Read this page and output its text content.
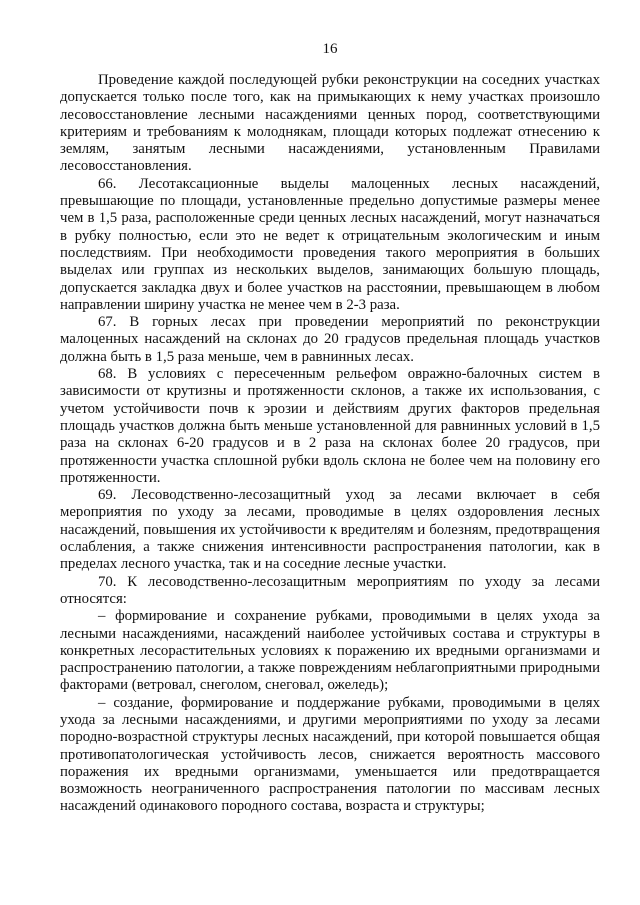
16

Проведение каждой последующей рубки реконструкции на соседних участках допускается только после того, как на примыкающих к нему участках произошло лесовосстановление лесными насаждениями ценных пород, соответствующими критериям и требованиям к молоднякам, площади которых подлежат отнесению к землям, занятым лесными насаждениями, установленным Правилами лесовосстановления.

66. Лесотаксационные выделы малоценных лесных насаждений, превышающие по площади, установленные предельно допустимые размеры менее чем в 1,5 раза, расположенные среди ценных лесных насаждений, могут назначаться в рубку полностью, если это не ведет к отрицательным экологическим и иным последствиям. При необходимости проведения такого мероприятия в больших выделах или группах из нескольких выделов, занимающих большую площадь, допускается закладка двух и более участков на расстоянии, превышающем в любом направлении ширину участка не менее чем в 2-3 раза.

67. В горных лесах при проведении мероприятий по реконструкции малоценных насаждений на склонах до 20 градусов предельная площадь участков должна быть в 1,5 раза меньше, чем в равнинных лесах.

68. В условиях с пересеченным рельефом овражно-балочных систем в зависимости от крутизны и протяженности склонов, а также их использования, с учетом устойчивости почв к эрозии и действиям других факторов предельная площадь участков должна быть меньше установленной для равнинных условий в 1,5 раза на склонах 6-20 градусов и в 2 раза на склонах более 20 градусов, при протяженности участка сплошной рубки вдоль склона не более чем на половину его протяженности.

69. Лесоводственно-лесозащитный уход за лесами включает в себя мероприятия по уходу за лесами, проводимые в целях оздоровления лесных насаждений, повышения их устойчивости к вредителям и болезням, предотвращения ослабления, а также снижения интенсивности распространения патологии, как в пределах лесного участка, так и на соседние лесные участки.

70. К лесоводственно-лесозащитным мероприятиям по уходу за лесами относятся:

– формирование и сохранение рубками, проводимыми в целях ухода за лесными насаждениями, насаждений наиболее устойчивых состава и структуры в конкретных лесорастительных условиях к поражению их вредными организмами и распространению патологии, а также повреждениям неблагоприятными природными факторами (ветровал, снеголом, снеговал, ожеледь);

– создание, формирование и поддержание рубками, проводимыми в целях ухода за лесными насаждениями, и другими мероприятиями по уходу за лесами породно-возрастной структуры лесных насаждений, при которой повышается общая противопатологическая устойчивость лесов, снижается вероятность массового поражения их вредными организмами, уменьшается или предотвращается возможность неограниченного распространения патологии по массивам лесных насаждений одинакового породного состава, возраста и структуры;
